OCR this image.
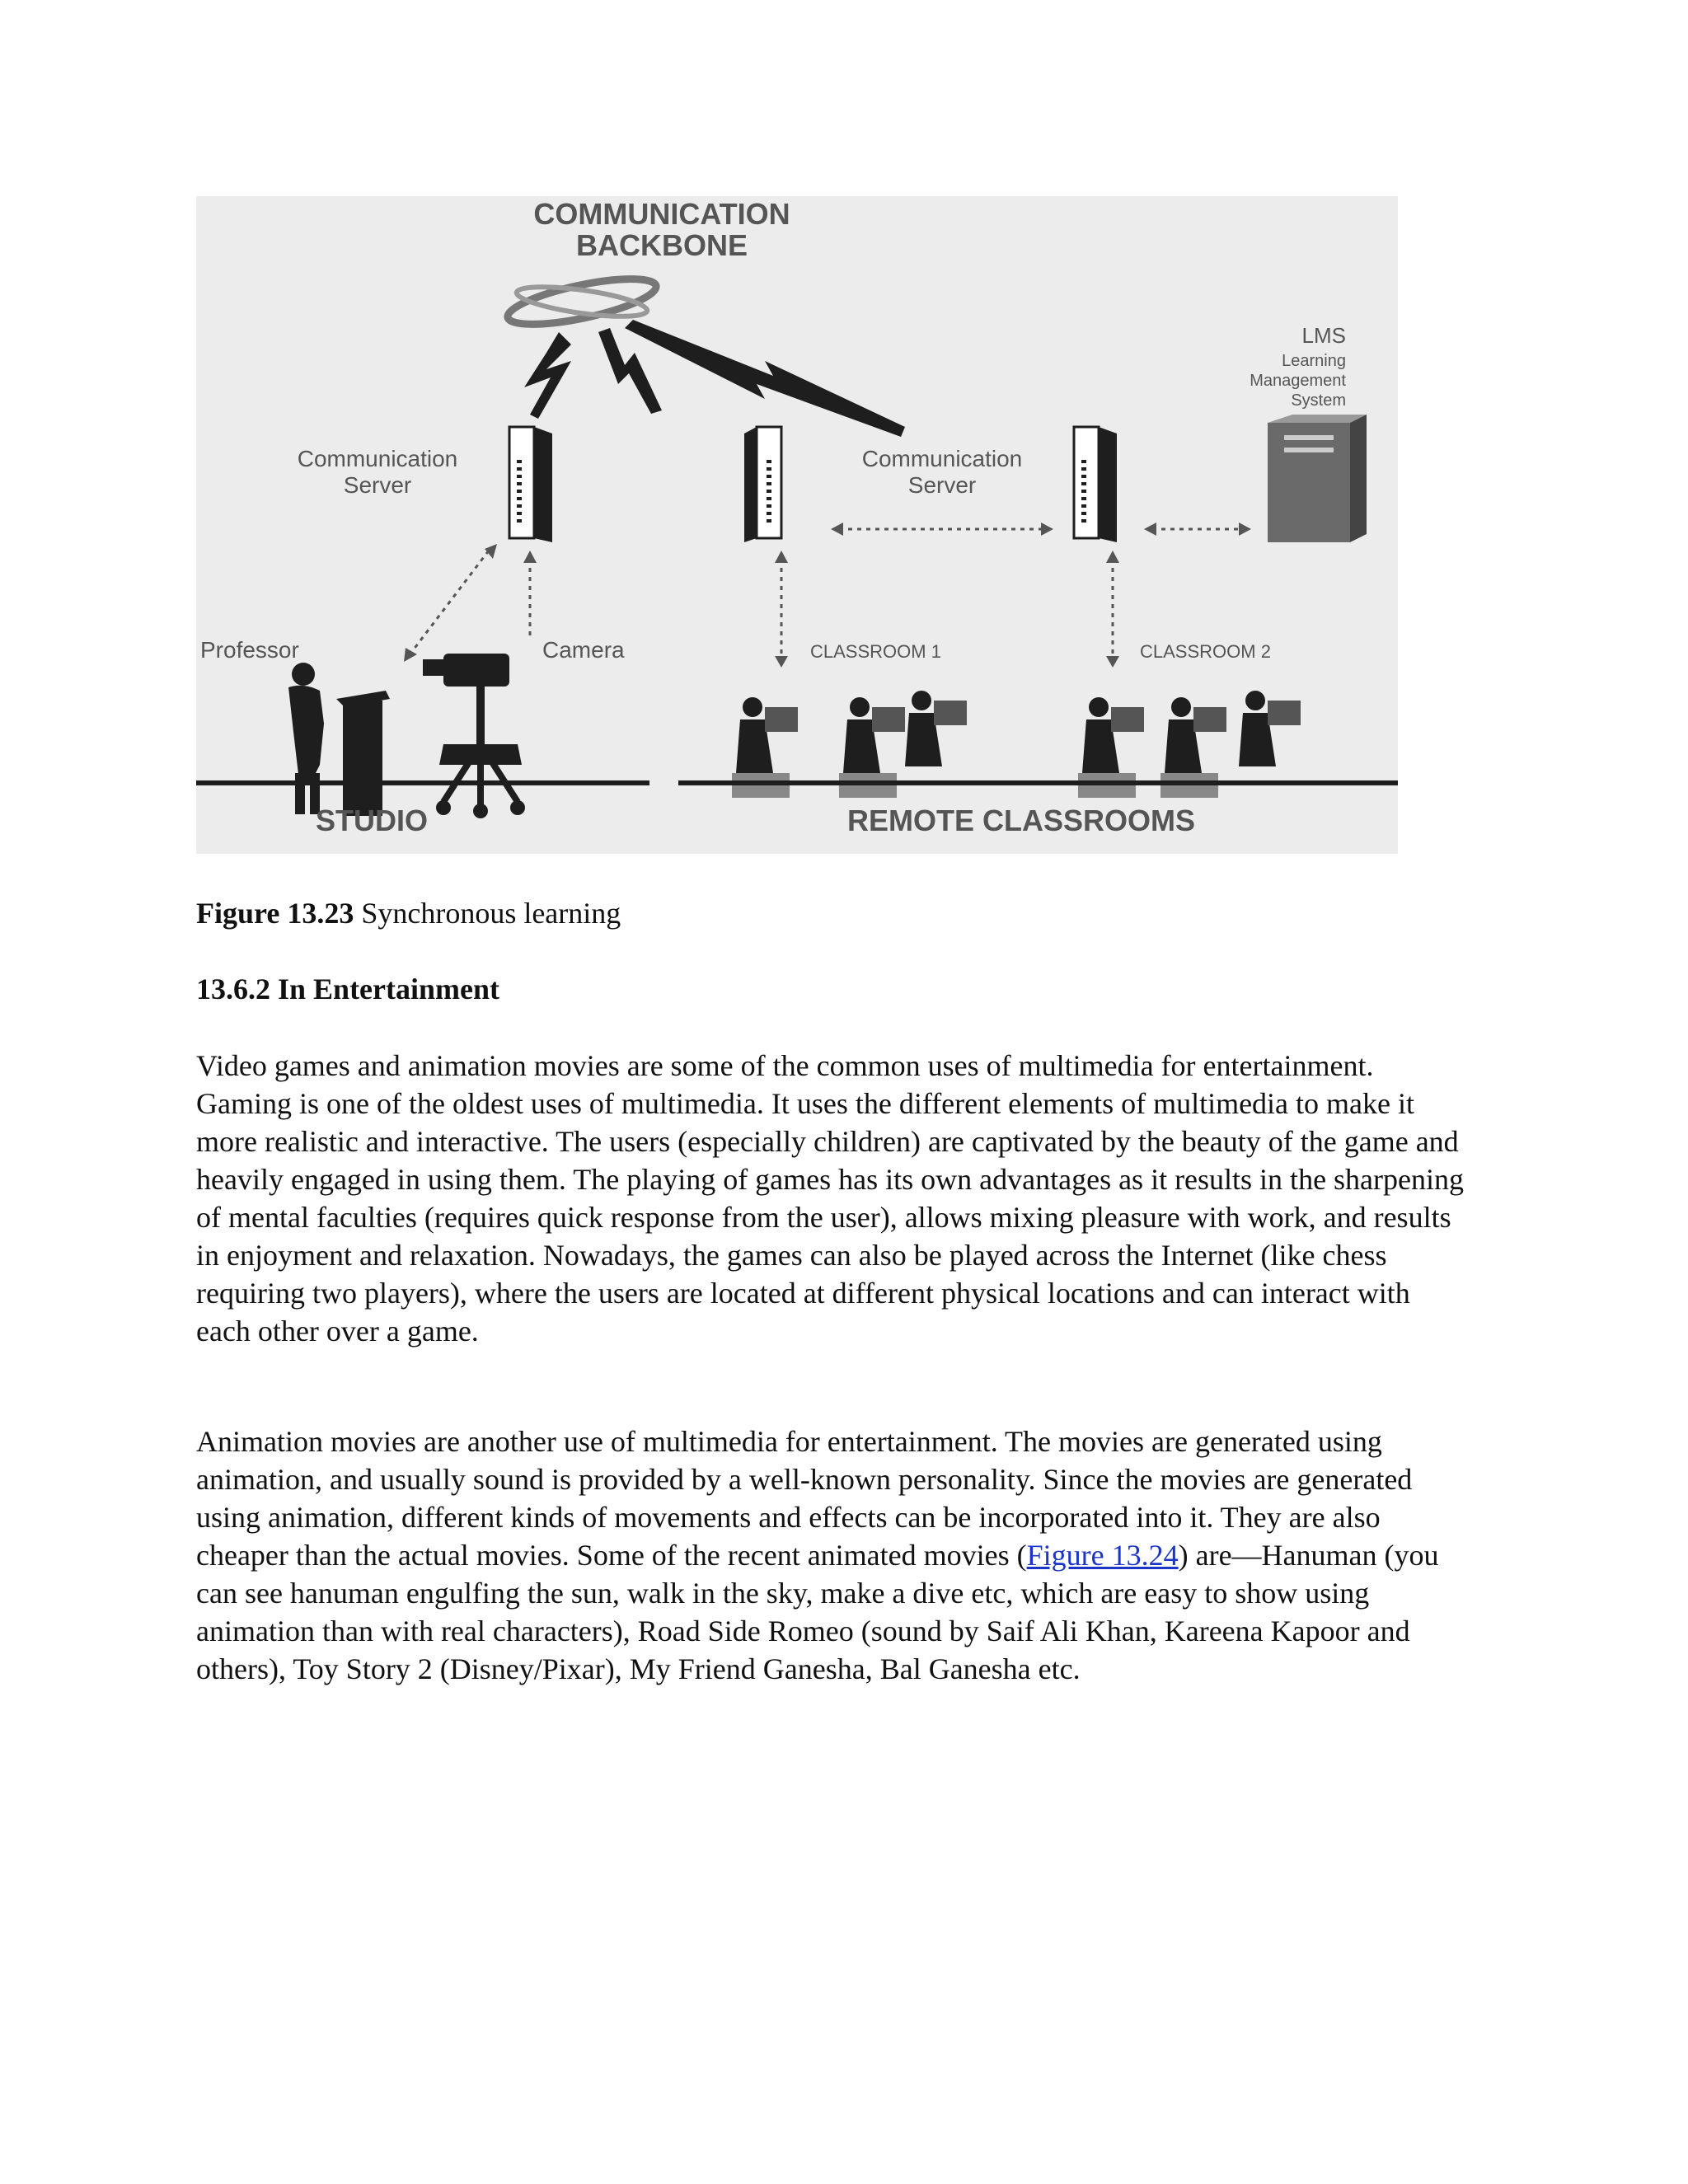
COMMUNICATION
BACKBONE
LMS
Learning
Management
System
Communication
Server
Communication
Server
Professor	Camera	CLASSROOM 1	CLASSROOM 2
STUDIO	REMOTE CLASSROOMS
Figure 13.23 Synchronous learning
13.6.2 In Entertainment

Video games and animation movies are some of the common uses of multimedia for entertainment. Gaming is one of the oldest uses of multimedia. It uses the different elements of multimedia to make it more realistic and interactive. The users (especially children) are captivated by the beauty of the game and heavily engaged in using them. The playing of games has its own advantages as it results in the sharpening of mental faculties (requires quick response from the user), allows mixing pleasure with work, and results in enjoyment and relaxation. Nowadays, the games can also be played across the Internet (like chess requiring two players), where the users are located at different physical locations and can interact with each other over a game.

Animation movies are another use of multimedia for entertainment. The movies are generated using animation, and usually sound is provided by a well-known personality. Since the movies are generated using animation, different kinds of movements and effects can be incorporated into it. They are also cheaper than the actual movies. Some of the recent animated movies (Figure 13.24) are—Hanuman (you can see hanuman engulfing the sun, walk in the sky, make a dive etc, which are easy to show using animation than with real characters), Road Side Romeo (sound by Saif Ali Khan, Kareena Kapoor and others), Toy Story 2 (Disney/Pixar), My Friend Ganesha, Bal Ganesha etc.
